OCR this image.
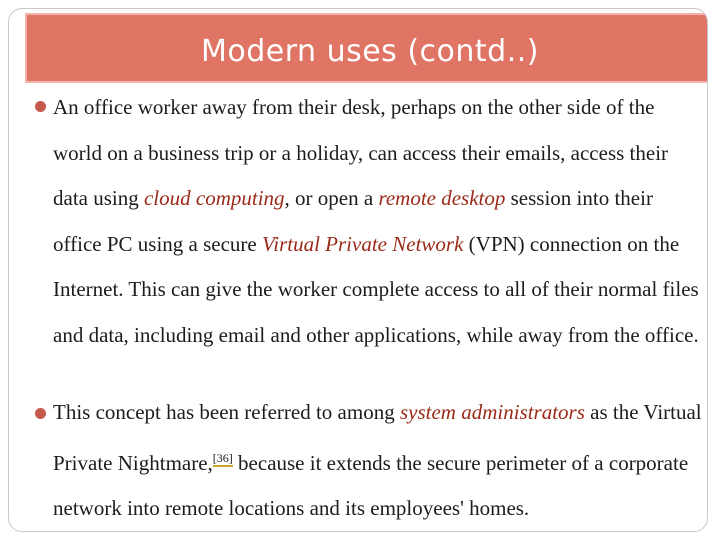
Modern uses (contd..)
An office worker away from their desk, perhaps on the other side of the world on a business trip or a holiday, can access their emails, access their data using cloud computing, or open a remote desktop session into their office PC using a secure Virtual Private Network (VPN) connection on the Internet. This can give the worker complete access to all of their normal files and data, including email and other applications, while away from the office.
This concept has been referred to among system administrators as the Virtual Private Nightmare,[36] because it extends the secure perimeter of a corporate network into remote locations and its employees' homes.
